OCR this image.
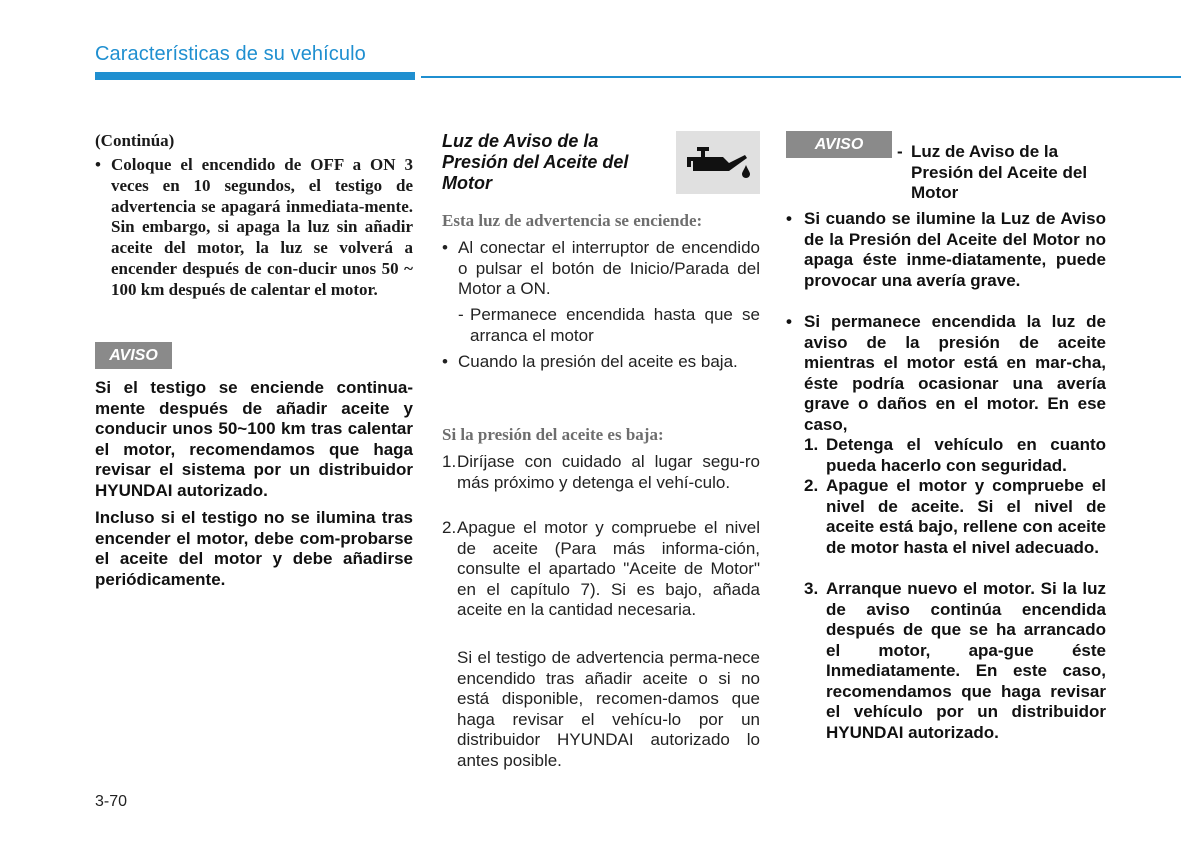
Características de su vehículo
(Continúa)
• Coloque el encendido de OFF a ON 3 veces en 10 segundos, el testigo de advertencia se apagará inmediata-mente. Sin embargo, si apaga la luz sin añadir aceite del motor, la luz se volverá a encender después de con-ducir unos 50 ~ 100 km después de calentar el motor.
AVISO

Si el testigo se enciende continua-mente después de añadir aceite y conducir unos 50~100 km tras calentar el motor, recomendamos que haga revisar el sistema por un distribuidor HYUNDAI autorizado.

Incluso si el testigo no se ilumina tras encender el motor, debe com-probarse el aceite del motor y debe añadirse periódicamente.

Luz de Aviso de la Presión del Aceite del Motor
Esta luz de advertencia se enciende:
• Al conectar el interruptor de encendido o pulsar el botón de Inicio/Parada del Motor a ON.
- Permanece encendida hasta que se arranca el motor
• Cuando la presión del aceite es baja.
Si la presión del aceite es baja:
1. Diríjase con cuidado al lugar segu-ro más próximo y detenga el vehí-culo.
2. Apague el motor y compruebe el nivel de aceite (Para más informa-ción, consulte el apartado "Aceite de Motor" en el capítulo 7). Si es bajo, añada aceite en la cantidad necesaria.

Si el testigo de advertencia perma-nece encendido tras añadir aceite o si no está disponible, recomen-damos que haga revisar el vehícu-lo por un distribuidor HYUNDAI autorizado lo antes posible.

AVISO	- Luz de Aviso de la Presión del Aceite del Motor
• Si cuando se ilumine la Luz de Aviso de la Presión del Aceite del Motor no apaga éste inme-diatamente, puede provocar una avería grave.
• Si permanece encendida la luz de aviso de la presión de aceite mientras el motor está en mar-cha, éste podría ocasionar una avería grave o daños en el motor. En ese caso,
1. Detenga el vehículo en cuanto pueda hacerlo con seguridad.
2. Apague el motor y compruebe el nivel de aceite. Si el nivel de aceite está bajo, rellene con aceite de motor hasta el nivel adecuado.
3. Arranque nuevo el motor. Si la luz de aviso continúa encendida después de que se ha arrancado el motor, apa-gue éste Inmediatamente. En este caso, recomendamos que haga revisar el vehículo por un distribuidor HYUNDAI autorizado.
3-70
